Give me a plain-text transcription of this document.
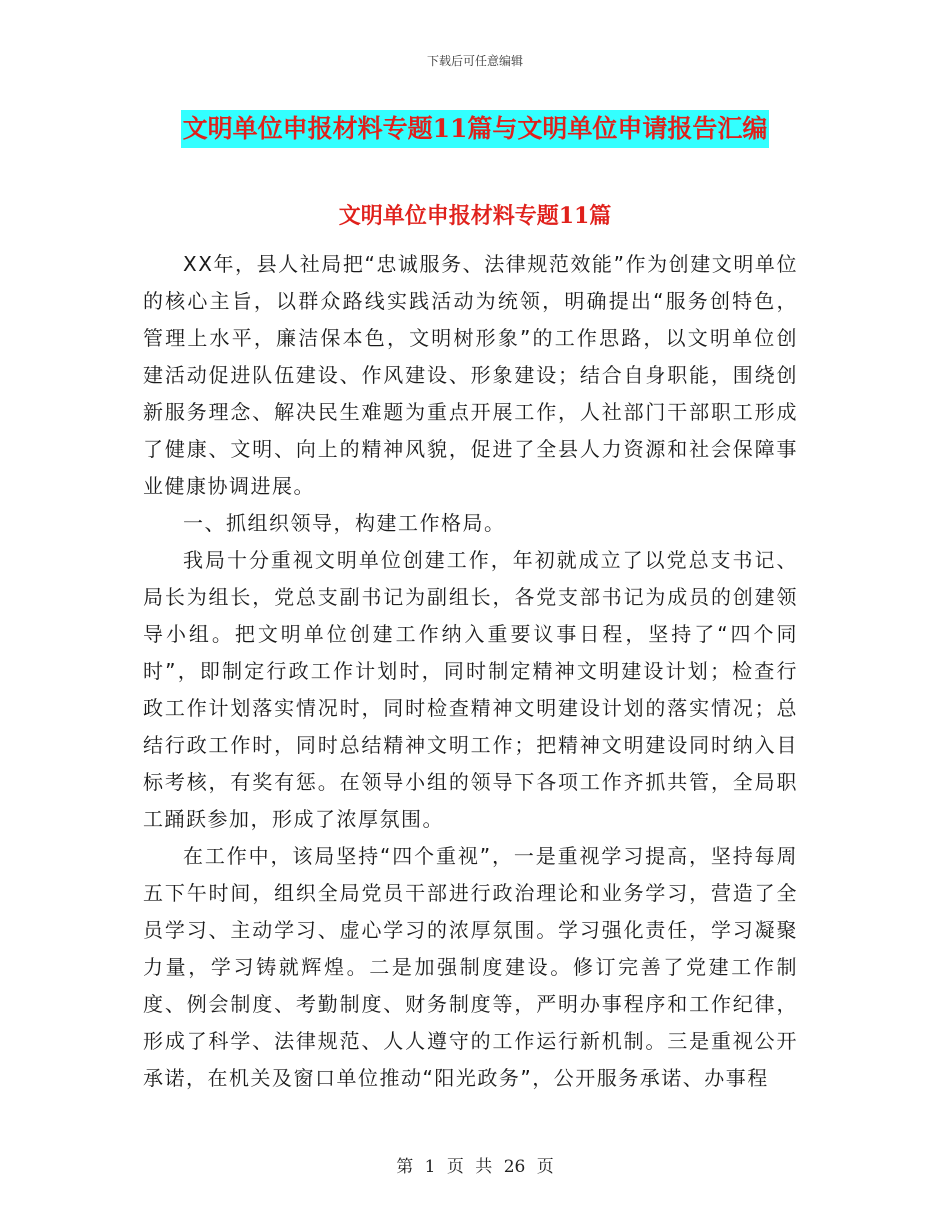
下载后可任意编辑
文明单位申报材料专题11篇与文明单位申请报告汇编
文明单位申报材料专题11篇

XX年，县人社局把“忠诚服务、法律规范效能”作为创建文明单位的核心主旨，以群众路线实践活动为统领，明确提出“服务创特色，管理上水平，廉洁保本色，文明树形象”的工作思路，以文明单位创建活动促进队伍建设、作风建设、形象建设；结合自身职能，围绕创新服务理念、解决民生难题为重点开展工作，人社部门干部职工形成了健康、文明、向上的精神风貌，促进了全县人力资源和社会保障事业健康协调进展。

一、抓组织领导，构建工作格局。

我局十分重视文明单位创建工作，年初就成立了以党总支书记、局长为组长，党总支副书记为副组长，各党支部书记为成员的创建领导小组。把文明单位创建工作纳入重要议事日程，坚持了“四个同时”，即制定行政工作计划时，同时制定精神文明建设计划；检查行政工作计划落实情况时，同时检查精神文明建设计划的落实情况；总结行政工作时，同时总结精神文明工作；把精神文明建设同时纳入目标考核，有奖有惩。在领导小组的领导下各项工作齐抓共管，全局职工踊跃参加，形成了浓厚氛围。

在工作中，该局坚持“四个重视”，一是重视学习提高，坚持每周五下午时间，组织全局党员干部进行政治理论和业务学习，营造了全员学习、主动学习、虚心学习的浓厚氛围。学习强化责任，学习凝聚力量，学习铸就辉煌。二是加强制度建设。修订完善了党建工作制度、例会制度、考勤制度、财务制度等，严明办事程序和工作纪律，形成了科学、法律规范、人人遵守的工作运行新机制。三是重视公开承诺，在机关及窗口单位推动“阳光政务”，公开服务承诺、办事程

第 1 页 共 26 页
